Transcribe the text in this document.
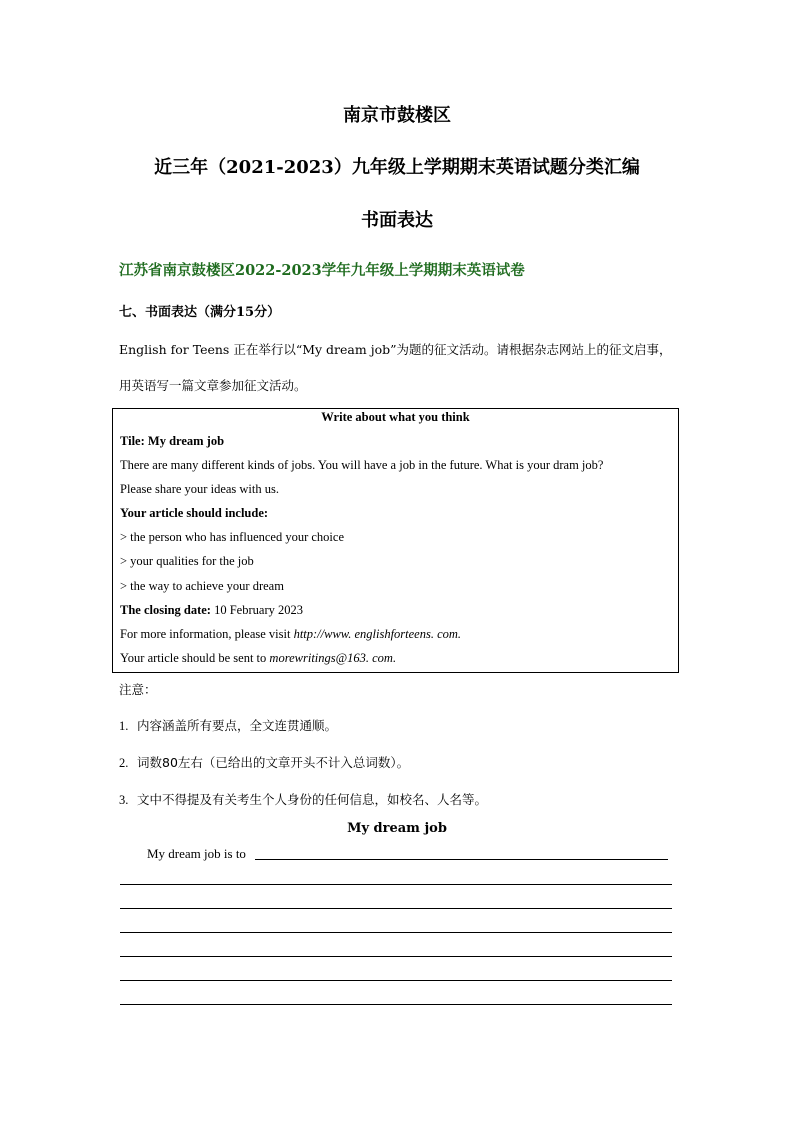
南京市鼓楼区
近三年（2021-2023）九年级上学期期末英语试题分类汇编
书面表达
江苏省南京鼓楼区2022-2023学年九年级上学期期末英语试卷
七、书面表达（满分15分）
English for Teens 正在举行以“My dream job”为题的征文活动。请根据杂志网站上的征文启事，
用英语写一篇文章参加征文活动。
Write about what you think
Tile: My dream job
There are many different kinds of jobs. You will have a job in the future. What is your dram job?
Please share your ideas with us.
Your article should include:
> the person who has influenced your choice
> your qualities for the job
> the way to achieve your dream
The closing date: 10 February 2023
For more information, please visit http://www. englishforteens. com.
Your article should be sent to morewritings@163. com.
注意：
1. 内容涵盖所有要点，全文连贯通顺。
2. 词数80左右（已给出的文章开头不计入总词数）。
3. 文中不得提及有关考生个人身份的任何信息，如校名、人名等。
My dream job
My dream job is to
